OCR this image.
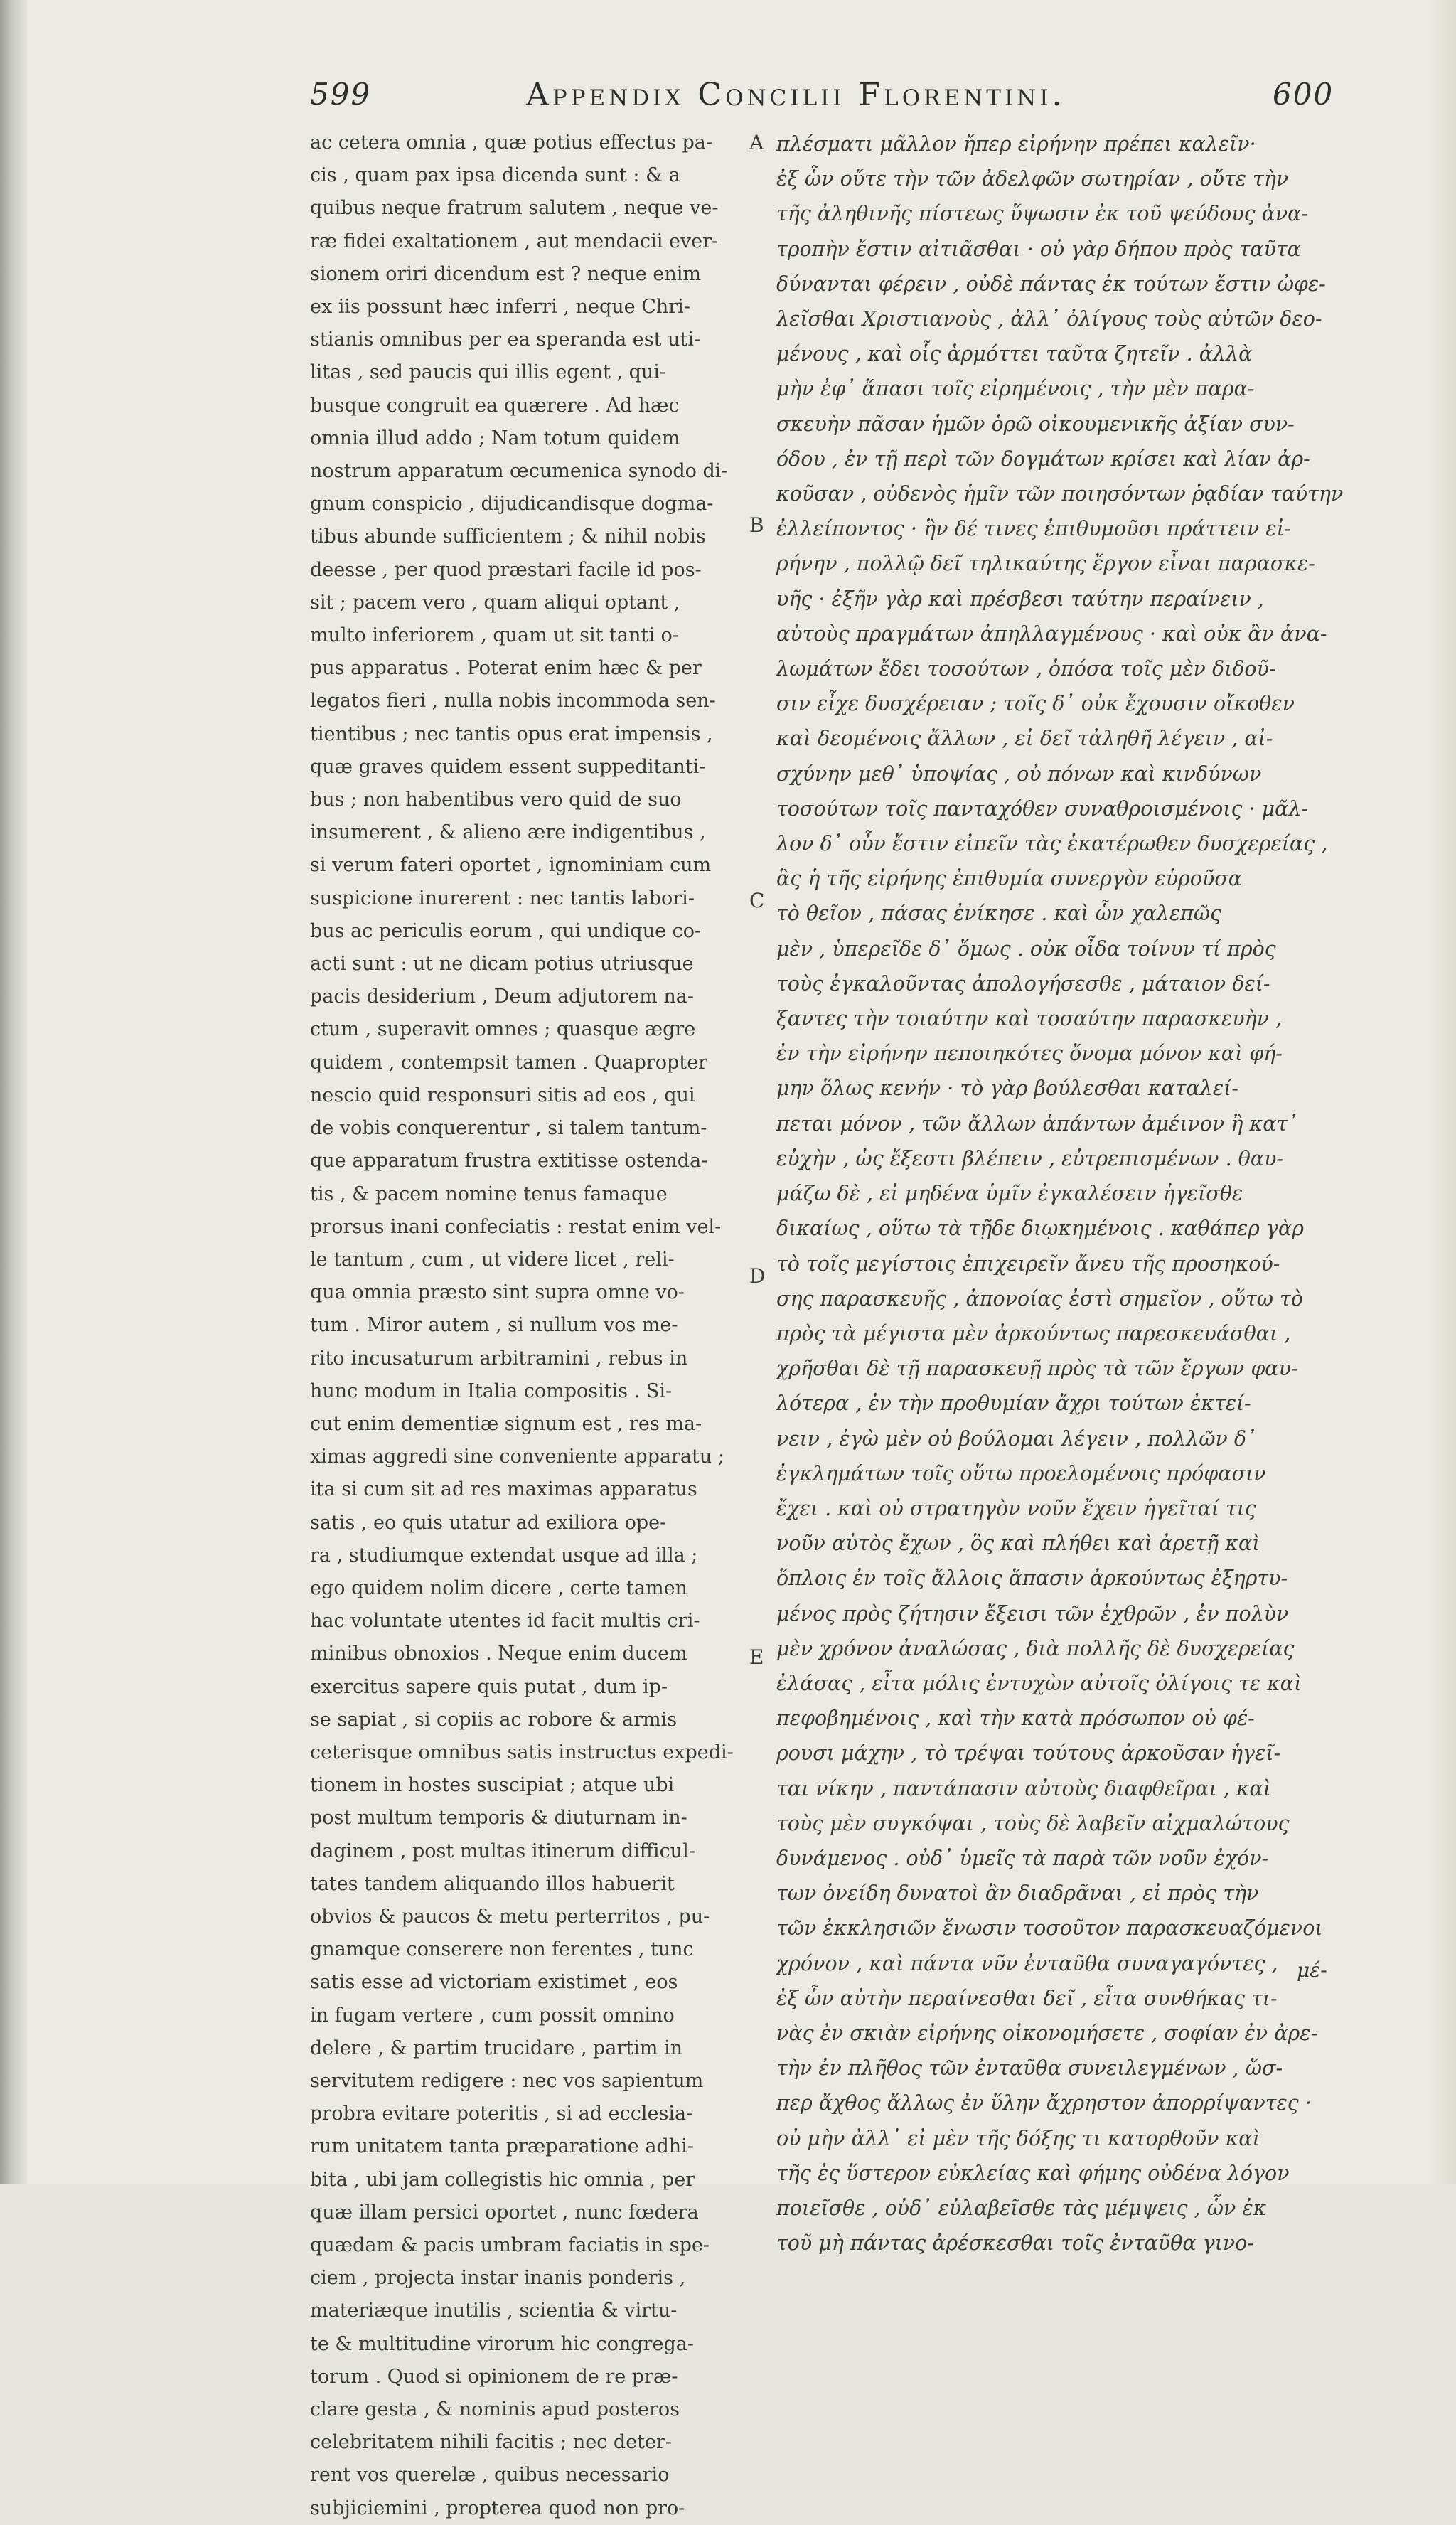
599	Appendix Concilii Florentini.	600
ac cetera omnia , quæ potius effectus pa-
cis , quam pax ipsa dicenda sunt : & a
quibus neque fratrum salutem , neque ve-
ræ fidei exaltationem , aut mendacii ever-
sionem oriri dicendum est ? neque enim
ex iis possunt hæc inferri , neque Chri-
stianis omnibus per ea speranda est uti-
litas , sed paucis qui illis egent , qui-
busque congruit ea quærere . Ad hæc
omnia illud addo ; Nam totum quidem
nostrum apparatum œcumenica synodo di-
gnum conspicio , dijudicandisque dogma-
tibus abunde sufficientem ; & nihil nobis
deesse , per quod præstari facile id pos-
sit ; pacem vero , quam aliqui optant ,
multo inferiorem , quam ut sit tanti o-
pus apparatus . Poterat enim hæc & per
legatos fieri , nulla nobis incommoda sen-
tientibus ; nec tantis opus erat impensis ,
quæ graves quidem essent suppeditanti-
bus ; non habentibus vero quid de suo
insumerent , & alieno ære indigentibus ,
si verum fateri oportet , ignominiam cum
suspicione inurerent : nec tantis labori-
bus ac periculis eorum , qui undique co-
acti sunt : ut ne dicam potius utriusque
pacis desiderium , Deum adjutorem na-
ctum , superavit omnes ; quasque ægre
quidem , contempsit tamen . Quapropter
nescio quid responsuri sitis ad eos , qui
de vobis conquerentur , si talem tantum-
que apparatum frustra extitisse ostenda-
tis , & pacem nomine tenus famaque
prorsus inani confeciatis : restat enim vel-
le tantum , cum , ut videre licet , reli-
qua omnia præsto sint supra omne vo-
tum . Miror autem , si nullum vos me-
rito incusaturum arbitramini , rebus in
hunc modum in Italia compositis . Si-
cut enim dementiæ signum est , res ma-
ximas aggredi sine conveniente apparatu ;
ita si cum sit ad res maximas apparatus
satis , eo quis utatur ad exiliora ope-
ra , studiumque extendat usque ad illa ;
ego quidem nolim dicere , certe tamen
hac voluntate utentes id facit multis cri-
minibus obnoxios . Neque enim ducem
exercitus sapere quis putat , dum ip-
se sapiat , si copiis ac robore & armis
ceterisque omnibus satis instructus expedi-
tionem in hostes suscipiat ; atque ubi
post multum temporis & diuturnam in-
daginem , post multas itinerum difficul-
tates tandem aliquando illos habuerit
obvios & paucos & metu perterritos , pu-
gnamque conserere non ferentes , tunc
satis esse ad victoriam existimet , eos
in fugam vertere , cum possit omnino
delere , & partim trucidare , partim in
servitutem redigere : nec vos sapientum
probra evitare poteritis , si ad ecclesia-
rum unitatem tanta præparatione adhi-
bita , ubi jam collegistis hic omnia , per
quæ illam persici oportet , nunc fœdera
quædam & pacis umbram faciatis in spe-
ciem , projecta instar inanis ponderis ,
materiæque inutilis , scientia & virtu-
te & multitudine virorum hic congrega-
torum . Quod si opinionem de re præ-
clare gesta , & nominis apud posteros
celebritatem nihili facitis ; nec deter-
rent vos querelæ , quibus necessario
subjiciemini , propterea quod non pro-
A
B
C
D
E
πλέσματι μᾶλλον ἤπερ εἰρήνην πρέπει καλεῖν·
ἐξ ὧν οὔτε τὴν τῶν ἀδελφῶν σωτηρίαν , οὔτε τὴν
τῆς ἀληθινῆς πίστεως ὕψωσιν ἐκ τοῦ ψεύδους ἀνα-
τροπὴν ἔστιν αἰτιᾶσθαι · οὐ γὰρ δήπου πρὸς ταῦτα
δύνανται φέρειν , οὐδὲ πάντας ἐκ τούτων ἔστιν ὠφε-
λεῖσθαι Χριστιανοὺς , ἀλλ᾽ ὀλίγους τοὺς αὐτῶν δεο-
μένους , καὶ οἷς ἁρμόττει ταῦτα ζητεῖν . ἀλλὰ
μὴν ἐφ᾽ ἅπασι τοῖς εἰρημένοις , τὴν μὲν παρα-
σκευὴν πᾶσαν ἡμῶν ὁρῶ οἰκουμενικῆς ἀξίαν συν-
όδου , ἐν τῇ περὶ τῶν δογμάτων κρίσει καὶ λίαν ἀρ-
κοῦσαν , οὐδενὸς ἡμῖν τῶν ποιησόντων ῥᾳδίαν ταύτην
ἐλλείποντος · ἣν δέ τινες ἐπιθυμοῦσι πράττειν εἰ-
ρήνην , πολλῷ δεῖ τηλικαύτης ἔργον εἶναι παρασκε-
υῆς · ἐξῆν γὰρ καὶ πρέσβεσι ταύτην περαίνειν ,
αὐτοὺς πραγμάτων ἀπηλλαγμένους · καὶ οὐκ ἂν ἀνα-
λωμάτων ἔδει τοσούτων , ὁπόσα τοῖς μὲν διδοῦ-
σιν εἶχε δυσχέρειαν ; τοῖς δ᾽ οὐκ ἔχουσιν οἴκοθεν
καὶ δεομένοις ἄλλων , εἰ δεῖ τἀληθῆ λέγειν , αἰ-
σχύνην μεθ᾽ ὑποψίας , οὐ πόνων καὶ κινδύνων
τοσούτων τοῖς πανταχόθεν συναθροισμένοις · μᾶλ-
λον δ᾽ οὖν ἔστιν εἰπεῖν τὰς ἑκατέρωθεν δυσχερείας ,
ἃς ἡ τῆς εἰρήνης ἐπιθυμία συνεργὸν εὑροῦσα
τὸ θεῖον , πάσας ἐνίκησε . καὶ ὧν χαλεπῶς
μὲν , ὑπερεῖδε δ᾽ ὅμως . οὐκ οἶδα τοίνυν τί πρὸς
τοὺς ἐγκαλοῦντας ἀπολογήσεσθε , μάταιον δεί-
ξαντες τὴν τοιαύτην καὶ τοσαύτην παρασκευὴν ,
ἐν τὴν εἰρήνην πεποιηκότες ὄνομα μόνον καὶ φή-
μην ὅλως κενήν · τὸ γὰρ βούλεσθαι καταλεί-
πεται μόνον , τῶν ἄλλων ἁπάντων ἀμέινον ἢ κατ᾽
εὐχὴν , ὡς ἔξεστι βλέπειν , εὐτρεπισμένων . θαυ-
μάζω δὲ , εἰ μηδένα ὑμῖν ἐγκαλέσειν ἡγεῖσθε
δικαίως , οὕτω τὰ τῇδε διῳκημένοις . καθάπερ γὰρ
τὸ τοῖς μεγίστοις ἐπιχειρεῖν ἄνευ τῆς προσηκού-
σης παρασκευῆς , ἀπονοίας ἐστὶ σημεῖον , οὕτω τὸ
πρὸς τὰ μέγιστα μὲν ἀρκούντως παρεσκευάσθαι ,
χρῆσθαι δὲ τῇ παρασκευῇ πρὸς τὰ τῶν ἔργων φαυ-
λότερα , ἐν τὴν προθυμίαν ἄχρι τούτων ἐκτεί-
νειν , ἐγὼ μὲν οὐ βούλομαι λέγειν , πολλῶν δ᾽
ἐγκλημάτων τοῖς οὕτω προελομένοις πρόφασιν
ἔχει . καὶ οὐ στρατηγὸν νοῦν ἔχειν ἡγεῖταί τις
νοῦν αὐτὸς ἔχων , ὃς καὶ πλήθει καὶ ἀρετῇ καὶ
ὅπλοις ἐν τοῖς ἄλλοις ἅπασιν ἀρκούντως ἐξηρτυ-
μένος πρὸς ζήτησιν ἔξεισι τῶν ἐχθρῶν , ἐν πολὺν
μὲν χρόνον ἀναλώσας , διὰ πολλῆς δὲ δυσχερείας
ἐλάσας , εἶτα μόλις ἐντυχὼν αὐτοῖς ὀλίγοις τε καὶ
πεφοβημένοις , καὶ τὴν κατὰ πρόσωπον οὐ φέ-
ρουσι μάχην , τὸ τρέψαι τούτους ἀρκοῦσαν ἡγεῖ-
ται νίκην , παντάπασιν αὐτοὺς διαφθεῖραι , καὶ
τοὺς μὲν συγκόψαι , τοὺς δὲ λαβεῖν αἰχμαλώτους
δυνάμενος . οὐδ᾽ ὑμεῖς τὰ παρὰ τῶν νοῦν ἐχόν-
των ὀνείδη δυνατοὶ ἂν διαδρᾶναι , εἰ πρὸς τὴν
τῶν ἐκκλησιῶν ἕνωσιν τοσοῦτον παρασκευαζόμενοι
χρόνον , καὶ πάντα νῦν ἐνταῦθα συναγαγόντες ,
ἐξ ὧν αὐτὴν περαίνεσθαι δεῖ , εἶτα συνθήκας τι-
νὰς ἐν σκιὰν εἰρήνης οἰκονομήσετε , σοφίαν ἐν ἀρε-
τὴν ἐν πλῆθος τῶν ἐνταῦθα συνειλεγμένων , ὥσ-
περ ἄχθος ἄλλως ἐν ὕλην ἄχρηστον ἀπορρίψαντες ·
οὐ μὴν ἀλλ᾽ εἰ μὲν τῆς δόξης τι κατορθοῦν καὶ
τῆς ἐς ὕστερον εὐκλείας καὶ φήμης οὐδένα λόγον
ποιεῖσθε , οὐδ᾽ εὐλαβεῖσθε τὰς μέμψεις , ὧν ἐκ
τοῦ μὴ πάντας ἀρέσκεσθαι τοῖς ἐνταῦθα γινο-
μέ-
